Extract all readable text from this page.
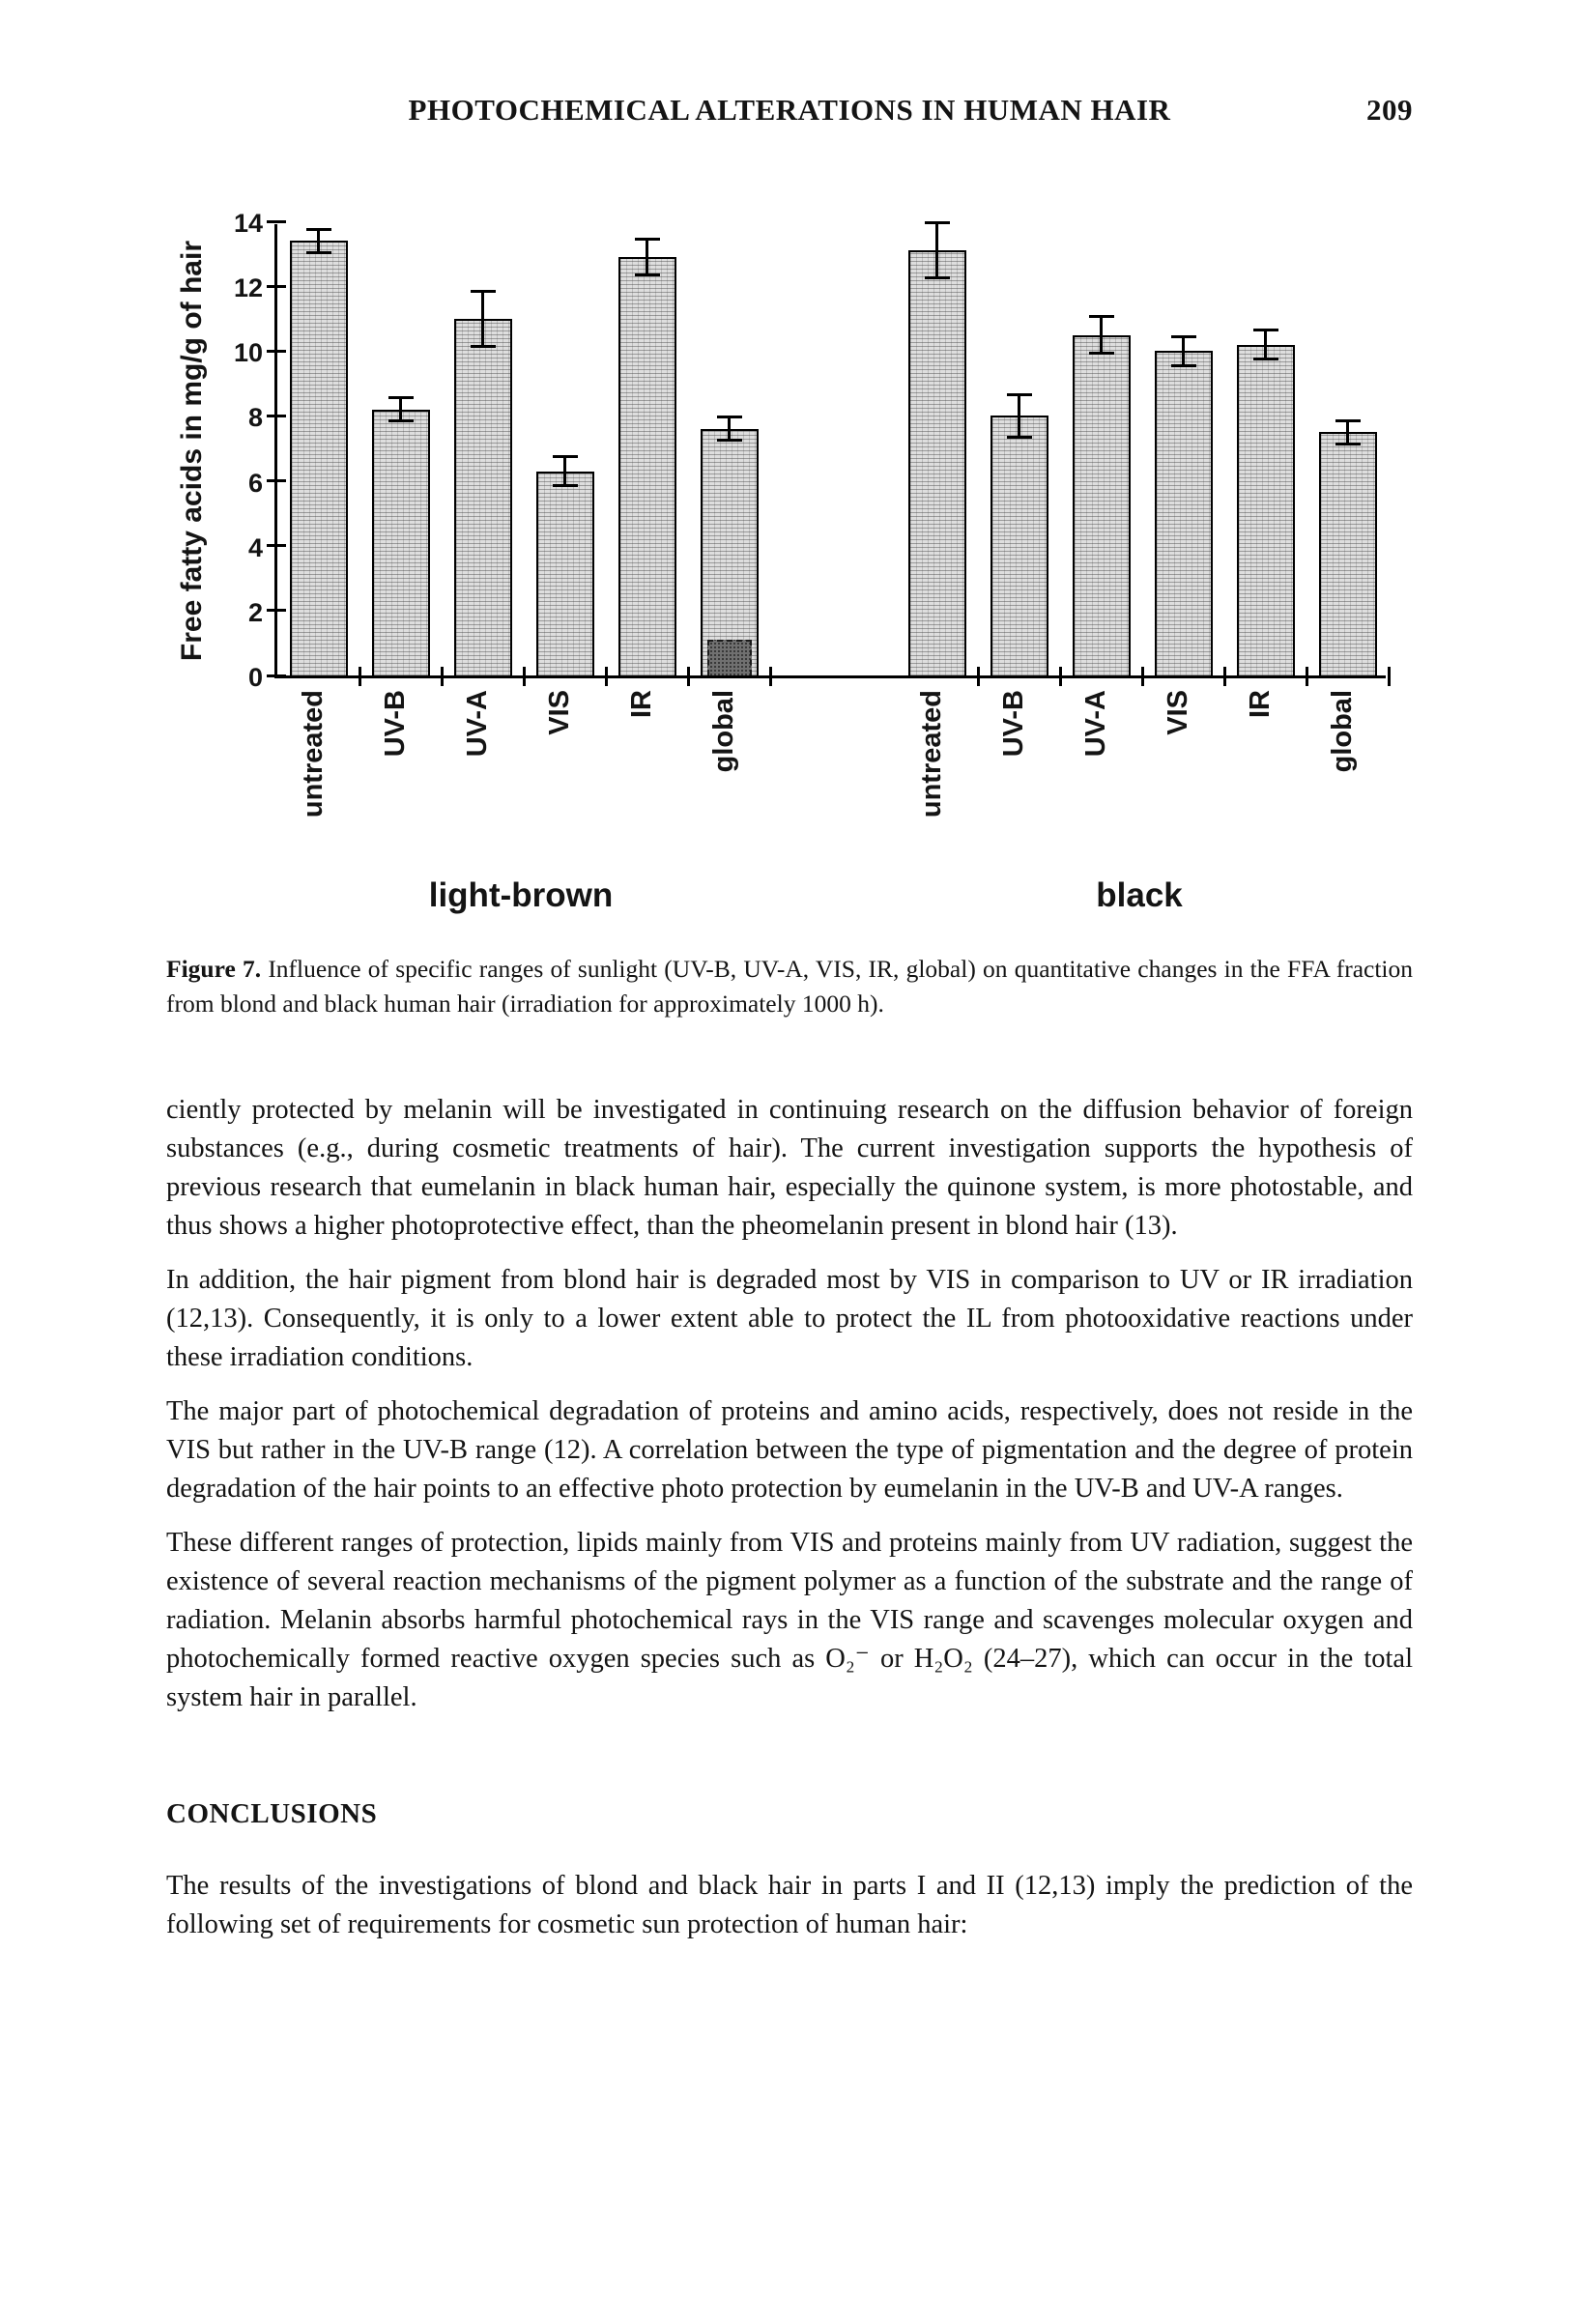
PHOTOCHEMICAL ALTERATIONS IN HUMAN HAIR	209
Free fatty acids in mg/g of hair
0
2
4
6
8
10
12
14
untreated UV-B UV-A VIS IR global	untreated UV-B UV-A VIS IR global
light-brown	black

Figure 7. Influence of specific ranges of sunlight (UV-B, UV-A, VIS, IR, global) on quantitative changes in the FFA fraction from blond and black human hair (irradiation for approximately 1000 h).

ciently protected by melanin will be investigated in continuing research on the diffusion behavior of foreign substances (e.g., during cosmetic treatments of hair). The current investigation supports the hypothesis of previous research that eumelanin in black human hair, especially the quinone system, is more photostable, and thus shows a higher photoprotective effect, than the pheomelanin present in blond hair (13).

In addition, the hair pigment from blond hair is degraded most by VIS in comparison to UV or IR irradiation (12,13). Consequently, it is only to a lower extent able to protect the IL from photooxidative reactions under these irradiation conditions.

The major part of photochemical degradation of proteins and amino acids, respectively, does not reside in the VIS but rather in the UV-B range (12). A correlation between the type of pigmentation and the degree of protein degradation of the hair points to an effective photo protection by eumelanin in the UV-B and UV-A ranges.

These different ranges of protection, lipids mainly from VIS and proteins mainly from UV radiation, suggest the existence of several reaction mechanisms of the pigment polymer as a function of the substrate and the range of radiation. Melanin absorbs harmful photochemical rays in the VIS range and scavenges molecular oxygen and photochemically formed reactive oxygen species such as O₂⁻ or H₂O₂ (24–27), which can occur in the total system hair in parallel.

CONCLUSIONS

The results of the investigations of blond and black hair in parts I and II (12,13) imply the prediction of the following set of requirements for cosmetic sun protection of human hair:
